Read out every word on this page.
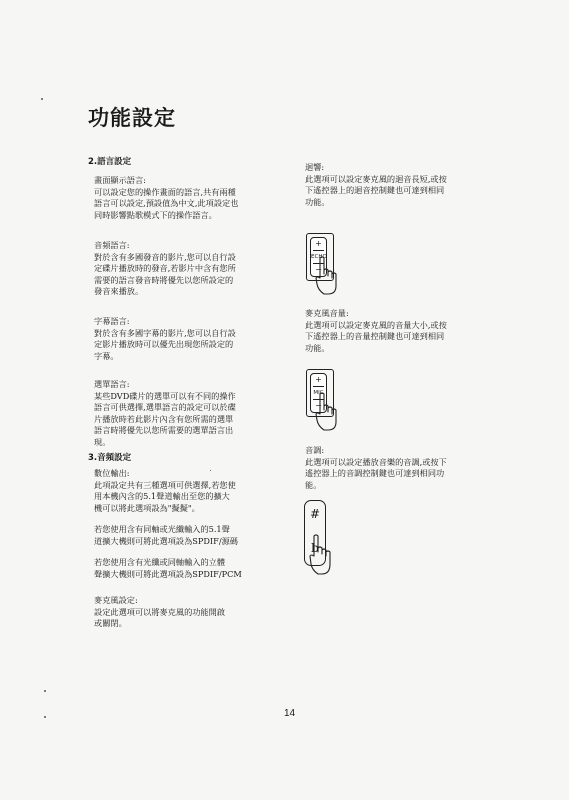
功能設定
2.語言設定
畫面顯示語言:
可以設定您的操作畫面的語言,共有兩種
語言可以設定,預設值為中文,此項設定也
同時影響點歌模式下的操作語言。
音頻語言:
對於含有多國發音的影片,您可以自行設
定碟片播放時的發音,若影片中含有您所
需要的語言發音時將優先以您所設定的
發音來播放。
字幕語言:
對於含有多國字幕的影片,您可以自行設
定影片播放時可以優先出現您所設定的
字幕。
選單語言:
某些DVD碟片的選單可以有不同的操作
語言可供選擇,選單語言的設定可以於碟
片播放時若此影片內含有您所需的選單
語言時將優先以您所需要的選單語言出
現。
3.音頻設定
數位輸出:
此項設定共有三種選項可供選擇,若您使
用本機內含的5.1聲道輸出至您的擴大
機可以將此選項設為"擬擬"。
若您使用含有同軸或光纖輸入的5.1聲
道擴大機則可將此選項設為SPDIF/源碼
若您使用含有光纖或同軸輸入的立體
聲擴大機則可將此選項設為SPDIF/PCM
麥克風設定:
設定此選項可以將麥克風的功能開啟
或關閉。
迴響:
此選項可以設定麥克風的迴音長短,或按
下遙控器上的迴音控制鍵也可達到相同
功能。
麥克風音量:
此選項可以設定麥克風的音量大小,或按
下遙控器上的音量控制鍵也可達到相同
功能。
音調:
此選項可以設定播放音樂的音調,或按下
遙控器上的音調控制鍵也可達到相同功
能。
+
ECHO
−
+
MIC
−
#
b
14
